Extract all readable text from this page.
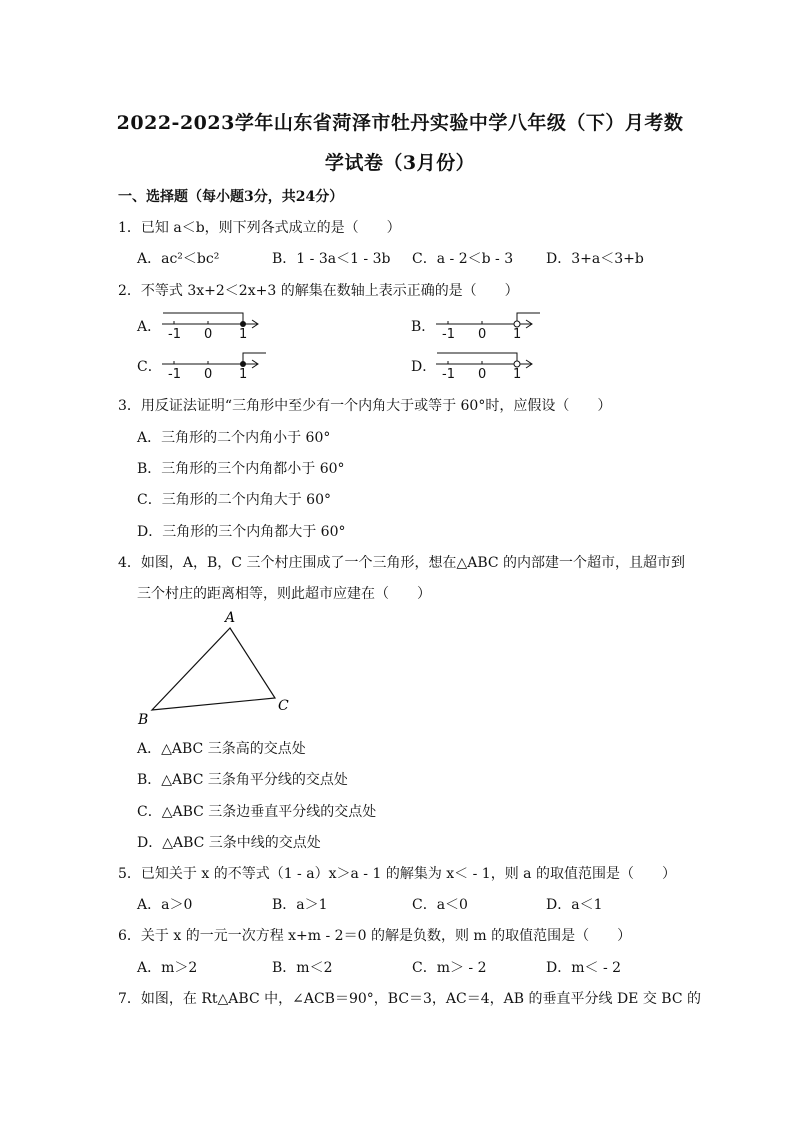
2022-2023学年山东省菏泽市牡丹实验中学八年级（下）月考数
学试卷（3月份）
一、选择题（每小题3分，共24分）
1．已知 a＜b，则下列各式成立的是（　　）
A．ac²＜bc²	B．1 - 3a＜1 - 3b C．a - 2＜b - 3 D．3+a＜3+b
2．不等式 3x+2＜2x+3 的解集在数轴上表示正确的是（　　）
A． -1 0 1	B． -1 0 1
C． -1 0 1	D． -1 0 1
3．用反证法证明“三角形中至少有一个内角大于或等于 60°时，应假设（　　）
A．三角形的二个内角小于 60°
B．三角形的三个内角都小于 60°
C．三角形的二个内角大于 60°
D．三角形的三个内角都大于 60°
4．如图，A，B，C 三个村庄围成了一个三角形，想在△ABC 的内部建一个超市，且超市到
三个村庄的距离相等，则此超市应建在（　　）
A
B
C
A．△ABC 三条高的交点处
B．△ABC 三条角平分线的交点处
C．△ABC 三条边垂直平分线的交点处
D．△ABC 三条中线的交点处
5．已知关于 x 的不等式（1 - a）x＞a - 1 的解集为 x＜ - 1，则 a 的取值范围是（　　）
A．a＞0	B．a＞1	C．a＜0	D．a＜1
6．关于 x 的一元一次方程 x+m - 2＝0 的解是负数，则 m 的取值范围是（　　）
A．m＞2	B．m＜2	C．m＞ - 2	D．m＜ - 2
7．如图，在 Rt△ABC 中，∠ACB＝90°，BC＝3，AC＝4，AB 的垂直平分线 DE 交 BC 的
